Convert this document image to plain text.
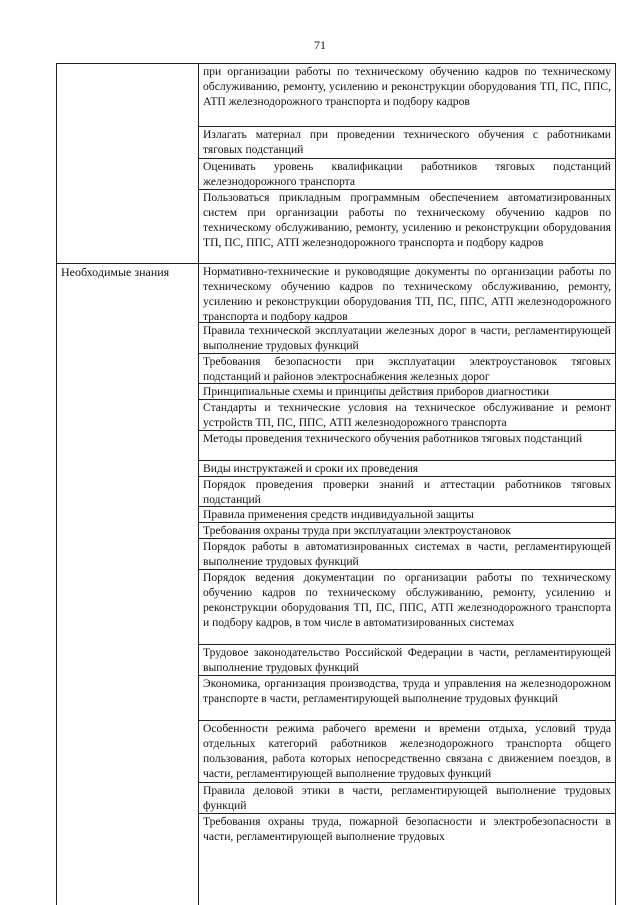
71
Необходимые знания
при организации работы по техническому обучению кадров по техническому обслуживанию, ремонту, усилению и реконструкции оборудования ТП, ПС, ППС, АТП железнодорожного транспорта и подбору кадров
Излагать материал при проведении технического обучения с работниками тяговых подстанций
Оценивать уровень квалификации работников тяговых подстанций железнодорожного транспорта
Пользоваться прикладным программным обеспечением автоматизированных систем при организации работы по техническому обучению кадров по техническому обслуживанию, ремонту, усилению и реконструкции оборудования ТП, ПС, ППС, АТП железнодорожного транспорта и подбору кадров
Нормативно-технические и руководящие документы по организации работы по техническому обучению кадров по техническому обслуживанию, ремонту, усилению и реконструкции оборудования ТП, ПС, ППС, АТП железнодорожного транспорта и подбору кадров
Правила технической эксплуатации железных дорог в части, регламентирующей выполнение трудовых функций
Требования безопасности при эксплуатации электроустановок тяговых подстанций и районов электроснабжения железных дорог
Принципиальные схемы и принципы действия приборов диагностики
Стандарты и технические условия на техническое обслуживание и ремонт устройств ТП, ПС, ППС, АТП железнодорожного транспорта
Методы проведения технического обучения работников тяговых подстанций
Виды инструктажей и сроки их проведения
Порядок проведения проверки знаний и аттестации работников тяговых подстанций
Правила применения средств индивидуальной защиты
Требования охраны труда при эксплуатации электроустановок
Порядок работы в автоматизированных системах в части, регламентирующей выполнение трудовых функций
Порядок ведения документации по организации работы по техническому обучению кадров по техническому обслуживанию, ремонту, усилению и реконструкции оборудования ТП, ПС, ППС, АТП железнодорожного транспорта и подбору кадров, в том числе в автоматизированных системах
Трудовое законодательство Российской Федерации в части, регламентирующей выполнение трудовых функций
Экономика, организация производства, труда и управления на железнодорожном транспорте в части, регламентирующей выполнение трудовых функций
Особенности режима рабочего времени и времени отдыха, условий труда отдельных категорий работников железнодорожного транспорта общего пользования, работа которых непосредственно связана с движением поездов, в части, регламентирующей выполнение трудовых функций
Правила деловой этики в части, регламентирующей выполнение трудовых функций
Требования охраны труда, пожарной безопасности и электробезопасности в части, регламентирующей выполнение трудовых
